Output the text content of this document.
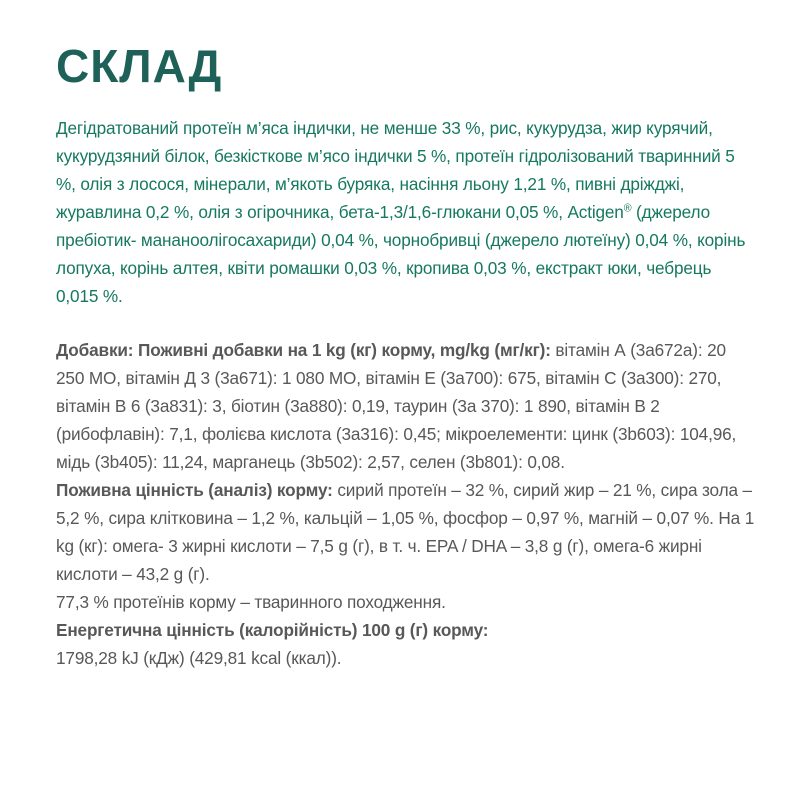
СКЛАД

Дегідратований протеїн м’яса індички, не менше 33 %, рис, кукурудза, жир курячий, кукурудзяний білок, безкісткове м’ясо індички 5 %, протеїн гідролізований тваринний 5 %, олія з лосося, мінерали, м’якоть буряка, насіння льону 1,21 %, пивні дріжджі, журавлина 0,2 %, олія з огірочника, бета-1,3/1,6-глюкани 0,05 %, Actigen® (джерело пребіотик- мананоолігосахариди) 0,04 %, чорнобривці (джерело лютеїну) 0,04 %, корінь лопуха, корінь алтея, квіти ромашки 0,03 %, кропива 0,03 %, екстракт юки, чебрець 0,015 %.

Добавки: Поживні добавки на 1 kg (кг) корму, mg/kg (мг/кг): вітамін А (3а672а): 20 250 МО, вітамін Д 3 (3а671): 1 080 МО, вітамін Е (3а700): 675, вітамін С (3а300): 270, вітамін В 6 (3а831): 3, біотин (3а880): 0,19, таурин (3а 370): 1 890, вітамін В 2 (рибофлавін): 7,1, фолієва кислота (3а316): 0,45; мікроелементи: цинк (3b603): 104,96, мідь (3b405): 11,24, марганець (3b502): 2,57, селен (3b801): 0,08.

Поживна цінність (аналіз) корму: сирий протеїн – 32 %, сирий жир – 21 %, сира зола – 5,2 %, сира клітковина – 1,2 %, кальцій – 1,05 %, фосфор – 0,97 %, магній – 0,07 %. На 1 kg (кг): омега- 3 жирні кислоти – 7,5 g (г), в т. ч. EPA / DHA – 3,8 g (г), омега-6 жирні кислоти – 43,2 g (г).

77,3 % протеїнів корму – тваринного походження.

Енергетична цінність (калорійність) 100 g (г) корму:

1798,28 kJ (кДж) (429,81 kcal (ккал)).
